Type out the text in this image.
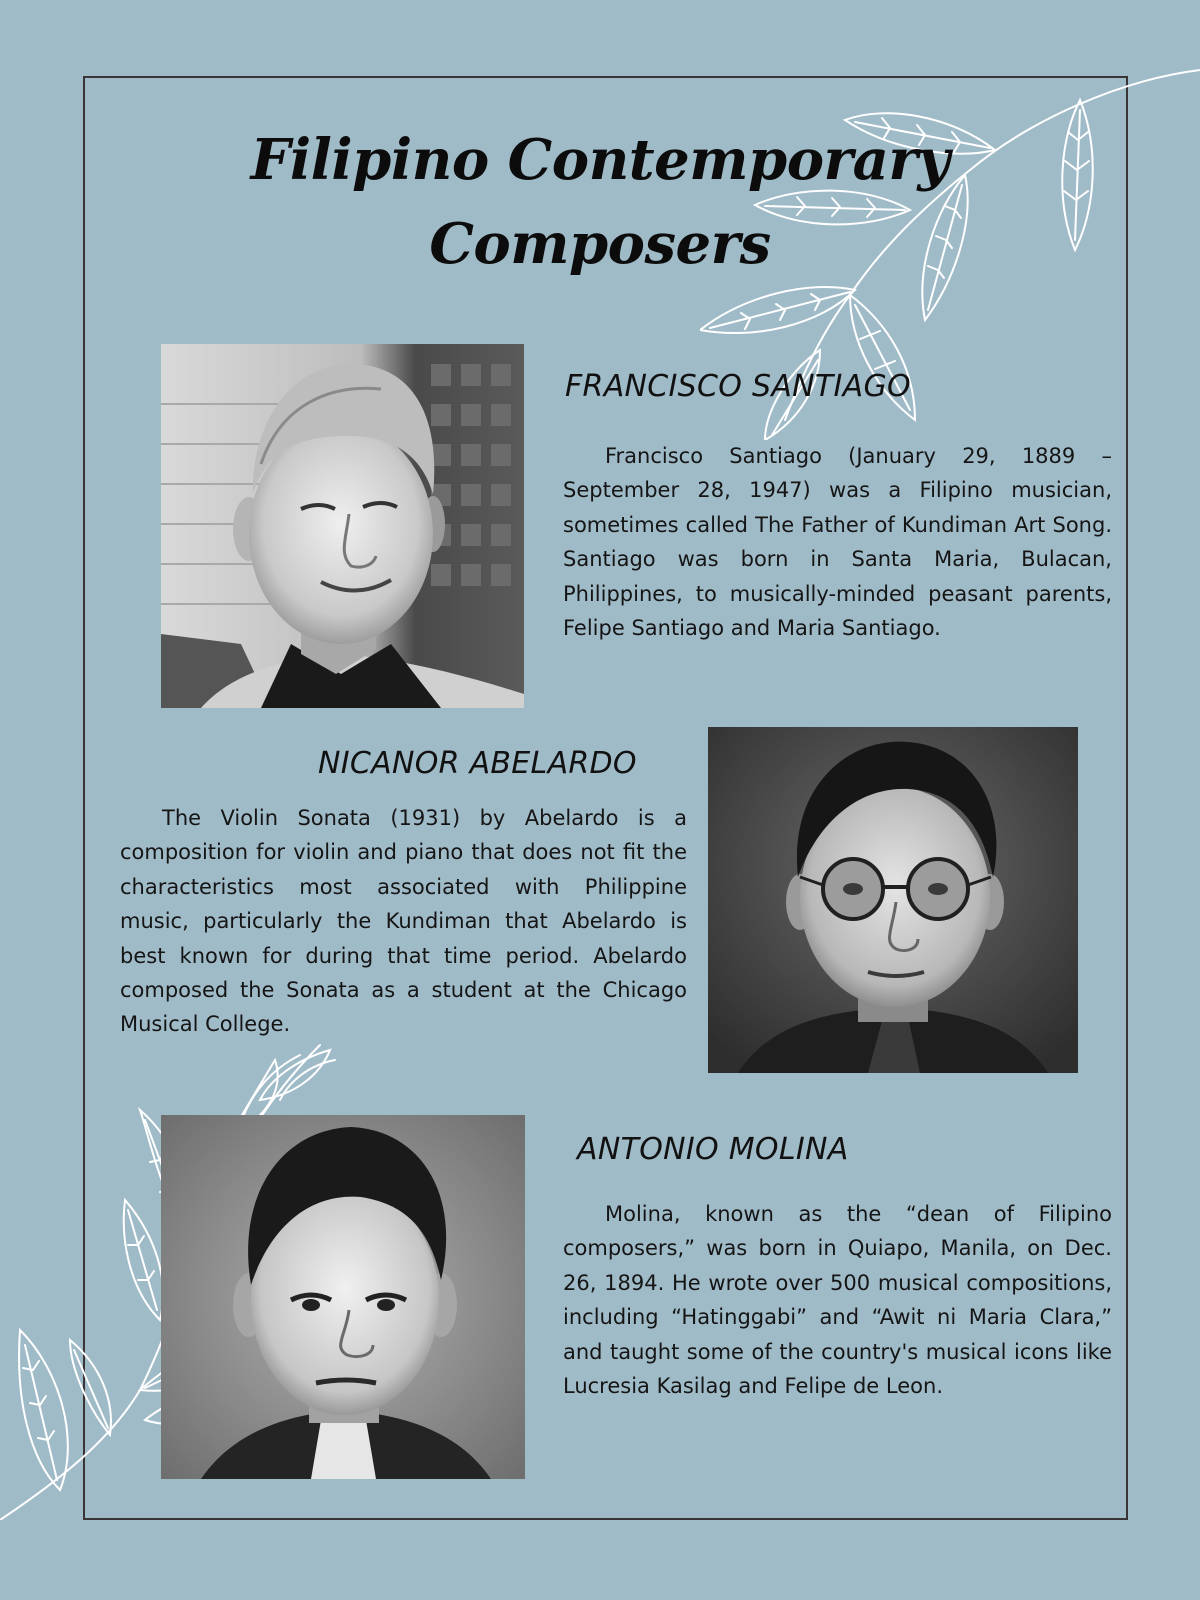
Filipino Contemporary Composers
FRANCISCO SANTIAGO

Francisco Santiago (January 29, 1889 – September 28, 1947) was a Filipino musician, sometimes called The Father of Kundiman Art Song. Santiago was born in Santa Maria, Bulacan, Philippines, to musically-minded peasant parents, Felipe Santiago and Maria Santiago.

NICANOR ABELARDO

The Violin Sonata (1931) by Abelardo is a composition for violin and piano that does not fit the characteristics most associated with Philippine music, particularly the Kundiman that Abelardo is best known for during that time period. Abelardo composed the Sonata as a student at the Chicago Musical College.

ANTONIO MOLINA

Molina, known as the “dean of Filipino composers,” was born in Quiapo, Manila, on Dec. 26, 1894. He wrote over 500 musical compositions, including “Hatinggabi” and “Awit ni Maria Clara,” and taught some of the country's musical icons like Lucresia Kasilag and Felipe de Leon.
